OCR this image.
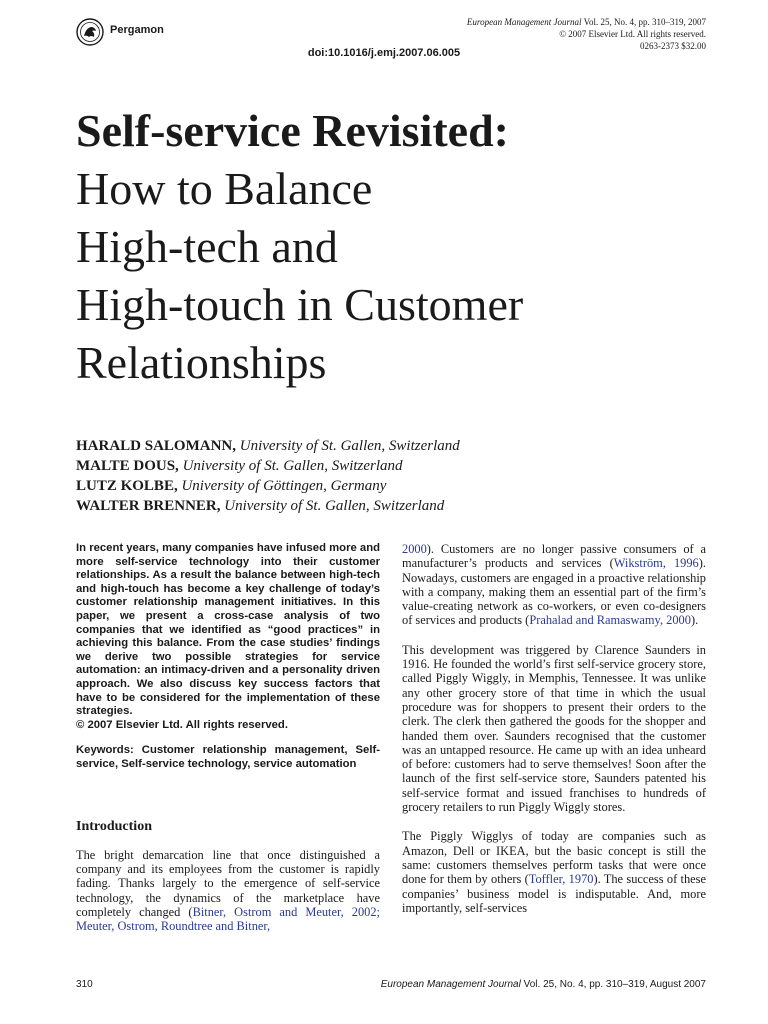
Pergamon
European Management Journal Vol. 25, No. 4, pp. 310–319, 2007
© 2007 Elsevier Ltd. All rights reserved.
0263-2373 $32.00
doi:10.1016/j.emj.2007.06.005
Self-service Revisited:
How to Balance
High-tech and
High-touch in Customer
Relationships
HARALD SALOMANN, University of St. Gallen, Switzerland
MALTE DOUS, University of St. Gallen, Switzerland
LUTZ KOLBE, University of Göttingen, Germany
WALTER BRENNER, University of St. Gallen, Switzerland

In recent years, many companies have infused more and more self-service technology into their customer relationships. As a result the balance between high-tech and high-touch has become a key challenge of today’s customer relationship management initiatives. In this paper, we present a cross-case analysis of two companies that we identified as “good practices” in achieving this balance. From the case studies’ findings we derive two possible strategies for service automation: an intimacy-driven and a personality driven approach. We also discuss key success factors that have to be considered for the implementation of these strategies.
© 2007 Elsevier Ltd. All rights reserved.

Keywords: Customer relationship management, Self-service, Self-service technology, service automation

Introduction

The bright demarcation line that once distinguished a company and its employees from the customer is rapidly fading. Thanks largely to the emergence of self-service technology, the dynamics of the marketplace have completely changed (Bitner, Ostrom and Meuter, 2002; Meuter, Ostrom, Roundtree and Bitner,

2000). Customers are no longer passive consumers of a manufacturer’s products and services (Wikström, 1996). Nowadays, customers are engaged in a proactive relationship with a company, making them an essential part of the firm’s value-creating network as co-workers, or even co-designers of services and products (Prahalad and Ramaswamy, 2000).

This development was triggered by Clarence Saunders in 1916. He founded the world’s first self-service grocery store, called Piggly Wiggly, in Memphis, Tennessee. It was unlike any other grocery store of that time in which the usual procedure was for shoppers to present their orders to the clerk. The clerk then gathered the goods for the shopper and handed them over. Saunders recognised that the customer was an untapped resource. He came up with an idea unheard of before: customers had to serve themselves! Soon after the launch of the first self-service store, Saunders patented his self-service format and issued franchises to hundreds of grocery retailers to run Piggly Wiggly stores.

The Piggly Wigglys of today are companies such as Amazon, Dell or IKEA, but the basic concept is still the same: customers themselves perform tasks that were once done for them by others (Toffler, 1970). The success of these companies’ business model is indisputable. And, more importantly, self-services

310	European Management Journal Vol. 25, No. 4, pp. 310–319, August 2007
